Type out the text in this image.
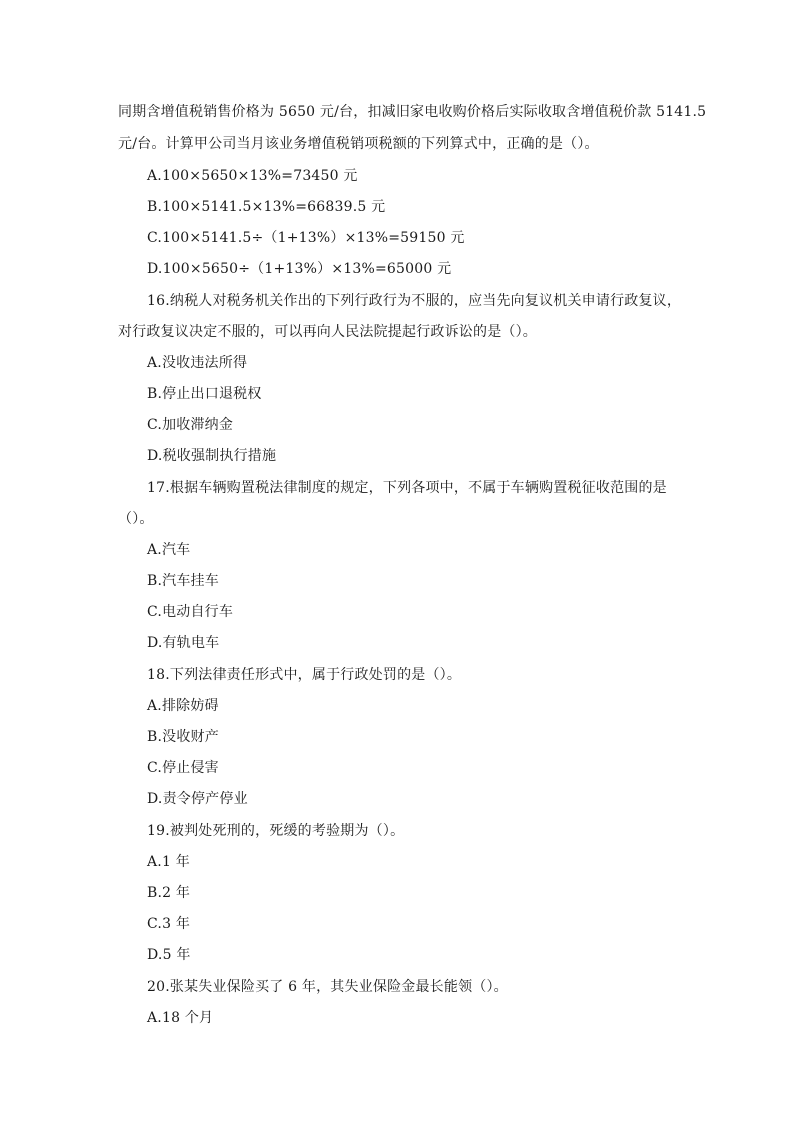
同期含增值税销售价格为 5650 元/台，扣减旧家电收购价格后实际收取含增值税价款 5141.5
元/台。计算甲公司当月该业务增值税销项税额的下列算式中，正确的是（）。
A.100×5650×13%=73450 元
B.100×5141.5×13%=66839.5 元
C.100×5141.5÷（1+13%）×13%=59150 元
D.100×5650÷（1+13%）×13%=65000 元
16.纳税人对税务机关作出的下列行政行为不服的，应当先向复议机关申请行政复议，
对行政复议决定不服的，可以再向人民法院提起行政诉讼的是（）。
A.没收违法所得
B.停止出口退税权
C.加收滞纳金
D.税收强制执行措施
17.根据车辆购置税法律制度的规定，下列各项中，不属于车辆购置税征收范围的是
（）。
A.汽车
B.汽车挂车
C.电动自行车
D.有轨电车
18.下列法律责任形式中，属于行政处罚的是（）。
A.排除妨碍
B.没收财产
C.停止侵害
D.责令停产停业
19.被判处死刑的，死缓的考验期为（）。
A.1 年
B.2 年
C.3 年
D.5 年
20.张某失业保险买了 6 年，其失业保险金最长能领（）。
A.18 个月
